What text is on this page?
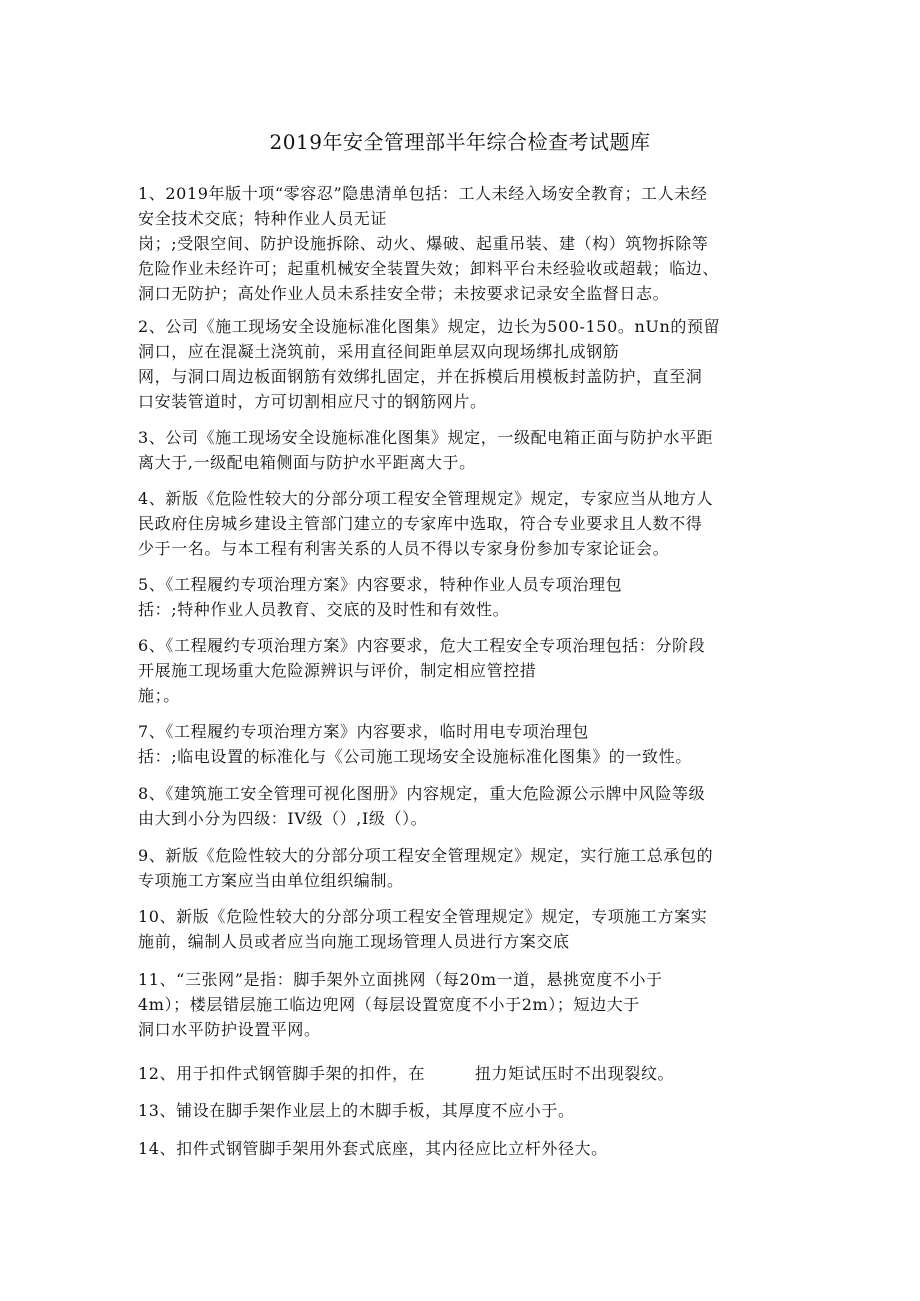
2019年安全管理部半年综合检查考试题库
1、2019年版十项“零容忍”隐患清单包括：工人未经入场安全教育；工人未经
安全技术交底；特种作业人员无证
岗；;受限空间、防护设施拆除、动火、爆破、起重吊装、建（构）筑物拆除等
危险作业未经许可；起重机械安全装置失效；卸料平台未经验收或超载；临边、
洞口无防护；高处作业人员未系挂安全带；未按要求记录安全监督日志。
2、公司《施工现场安全设施标准化图集》规定，边长为500-150。nUn的预留
洞口，应在混凝土浇筑前，采用直径间距单层双向现场绑扎成钢筋
网，与洞口周边板面钢筋有效绑扎固定，并在拆模后用模板封盖防护，直至洞
口安装管道时，方可切割相应尺寸的钢筋网片。
3、公司《施工现场安全设施标准化图集》规定，一级配电箱正面与防护水平距
离大于,一级配电箱侧面与防护水平距离大于。
4、新版《危险性较大的分部分项工程安全管理规定》规定，专家应当从地方人
民政府住房城乡建设主管部门建立的专家库中选取，符合专业要求且人数不得
少于一名。与本工程有利害关系的人员不得以专家身份参加专家论证会。
5、《工程履约专项治理方案》内容要求，特种作业人员专项治理包
括：;特种作业人员教育、交底的及时性和有效性。
6、《工程履约专项治理方案》内容要求，危大工程安全专项治理包括：分阶段
开展施工现场重大危险源辨识与评价，制定相应管控措
施；。
7、《工程履约专项治理方案》内容要求，临时用电专项治理包
括：;临电设置的标准化与《公司施工现场安全设施标准化图集》的一致性。
8、《建筑施工安全管理可视化图册》内容规定，重大危险源公示牌中风险等级
由大到小分为四级：IV级（）,I级（）。
9、新版《危险性较大的分部分项工程安全管理规定》规定，实行施工总承包的
专项施工方案应当由单位组织编制。
10、新版《危险性较大的分部分项工程安全管理规定》规定，专项施工方案实
施前，编制人员或者应当向施工现场管理人员进行方案交底
11、“三张网”是指：脚手架外立面挑网（每20m一道，悬挑宽度不小于
4m）；楼层错层施工临边兜网（每层设置宽度不小于2m）；短边大于
洞口水平防护设置平网。
12、用于扣件式钢管脚手架的扣件，在　　　扭力矩试压时不出现裂纹。
13、铺设在脚手架作业层上的木脚手板，其厚度不应小于。
14、扣件式钢管脚手架用外套式底座，其内径应比立杆外径大。
